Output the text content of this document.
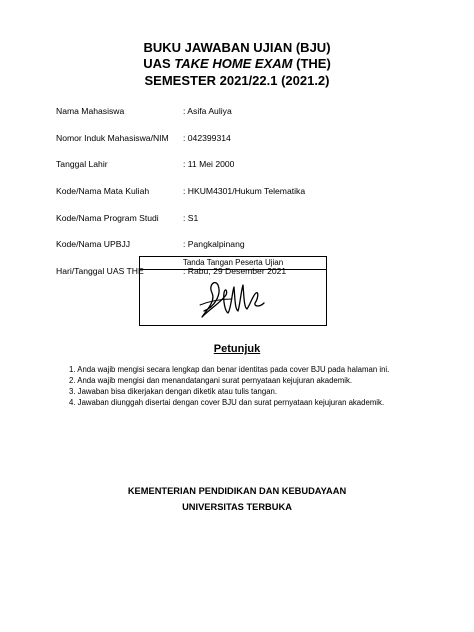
BUKU JAWABAN UJIAN (BJU)
UAS TAKE HOME EXAM (THE)
SEMESTER 2021/22.1 (2021.2)
Nama Mahasiswa	: Asifa Auliya
Nomor Induk Mahasiswa/NIM	: 042399314
Tanggal Lahir	: 11 Mei 2000
Kode/Nama Mata Kuliah	: HKUM4301/Hukum Telematika
Kode/Nama Program Studi	: S1
Kode/Nama UPBJJ	: Pangkalpinang
Hari/Tanggal UAS THE	: Rabu, 29 Desember 2021
Tanda Tangan Peserta Ujian
Petunjuk
1. Anda wajib mengisi secara lengkap dan benar identitas pada cover BJU pada halaman ini.
2. Anda wajib mengisi dan menandatangani surat pernyataan kejujuran akademik.
3. Jawaban bisa dikerjakan dengan diketik atau tulis tangan.
4. Jawaban diunggah disertai dengan cover BJU dan surat pernyataan kejujuran akademik.
KEMENTERIAN PENDIDIKAN DAN KEBUDAYAAN
UNIVERSITAS TERBUKA
